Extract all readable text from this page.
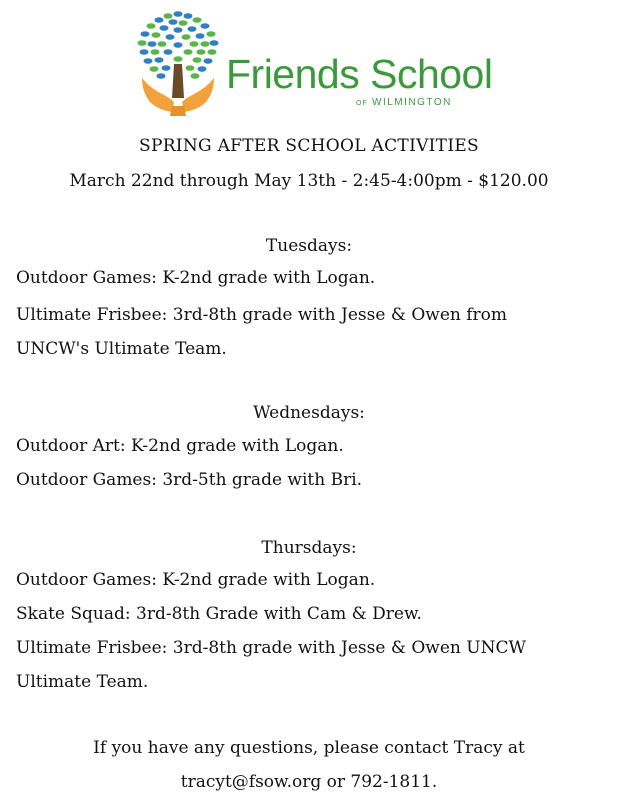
Friends School
OF WILMINGTON
SPRING AFTER SCHOOL ACTIVITIES
March 22nd through May 13th - 2:45-4:00pm - $120.00
Tuesdays:
Outdoor Games: K-2nd grade with Logan.
Ultimate Frisbee: 3rd-8th grade with Jesse & Owen from
UNCW's Ultimate Team.
Wednesdays:
Outdoor Art: K-2nd grade with Logan.
Outdoor Games: 3rd-5th grade with Bri.
Thursdays:
Outdoor Games: K-2nd grade with Logan.
Skate Squad: 3rd-8th Grade with Cam & Drew.
Ultimate Frisbee: 3rd-8th grade with Jesse & Owen UNCW
Ultimate Team.
If you have any questions, please contact Tracy at
tracyt@fsow.org or 792-1811.
